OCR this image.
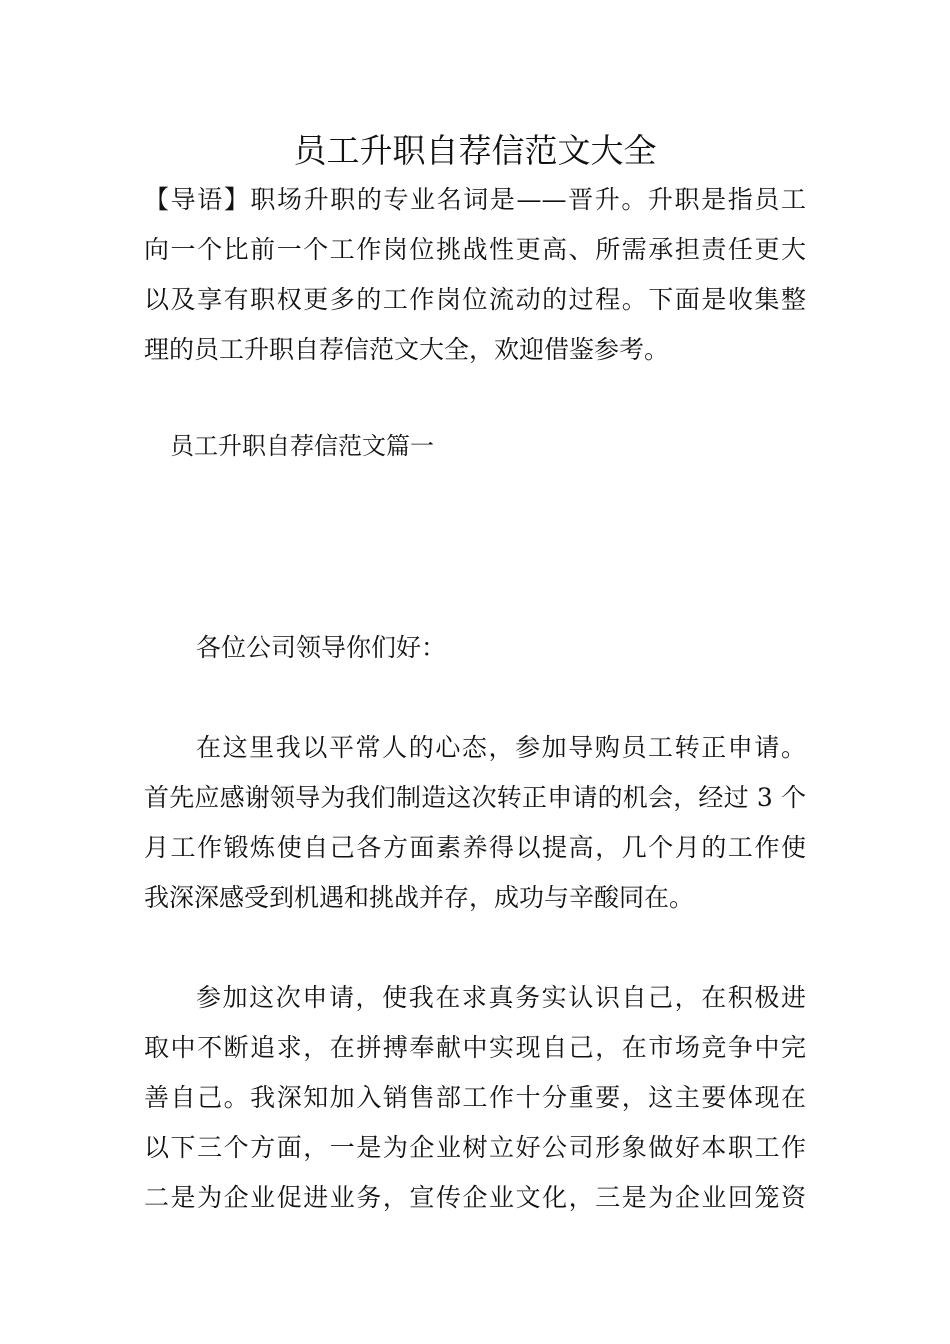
员工升职自荐信范文大全
【导语】职场升职的专业名词是——晋升。升职是指员工
向一个比前一个工作岗位挑战性更高、所需承担责任更大
以及享有职权更多的工作岗位流动的过程。下面是收集整
理的员工升职自荐信范文大全，欢迎借鉴参考。
员工升职自荐信范文篇一
各位公司领导你们好：
在这里我以平常人的心态，参加导购员工转正申请。
首先应感谢领导为我们制造这次转正申请的机会，经过 3 个
月工作锻炼使自己各方面素养得以提高，几个月的工作使
我深深感受到机遇和挑战并存，成功与辛酸同在。
参加这次申请，使我在求真务实认识自己，在积极进
取中不断追求，在拼搏奉献中实现自己，在市场竞争中完
善自己。我深知加入销售部工作十分重要，这主要体现在
以下三个方面，一是为企业树立好公司形象做好本职工作
二是为企业促进业务，宣传企业文化，三是为企业回笼资
